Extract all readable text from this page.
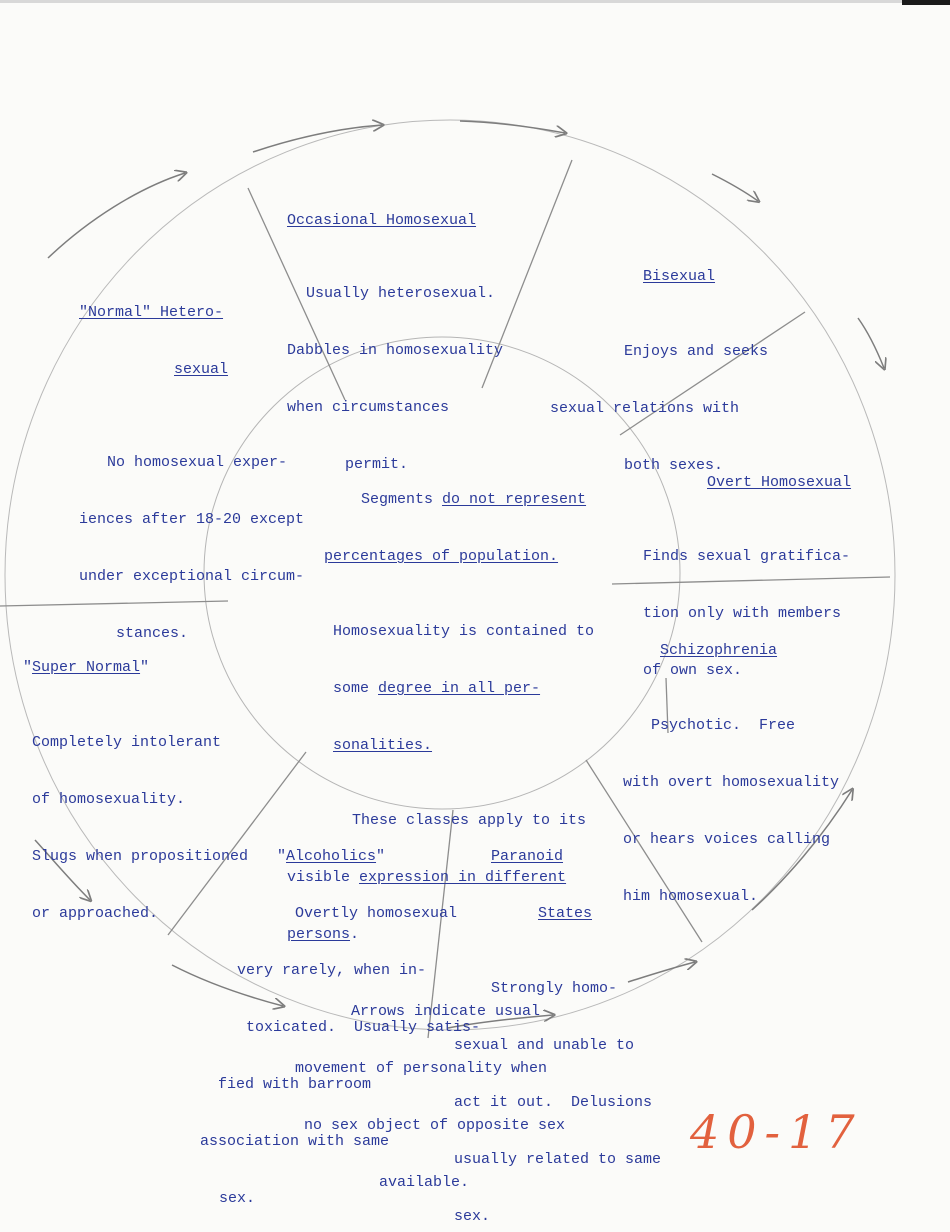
Occasional Homosexual

Usually heterosexual.

Dabbles in homosexuality

when circumstances

permit.

Bisexual

Enjoys and seeks

sexual relations with

both sexes.

"Normal" Hetero-

sexual

No homosexual exper-

iences after 18-20 except

under exceptional circum-

stances.

Overt Homosexual

Finds sexual gratifica-

tion only with members

of own sex.

"Super Normal"

Completely intolerant

of homosexuality.

Slugs when propositioned

or approached.

Schizophrenia

Psychotic.  Free

with overt homosexuality

or hears voices calling

him homosexual.

"Alcoholics"

Overtly homosexual

very rarely, when in-

toxicated.  Usually satis-

fied with barroom

association with same

sex.

Paranoid

States

Strongly homo-

sexual and unable to

act it out.  Delusions

usually related to same

sex.

Segments do not represent

percentages of population.

Homosexuality is contained to

some degree in all per-

sonalities.

These classes apply to its

visible expression in different

persons.

Arrows indicate usual

movement of personality when

no sex object of opposite sex

available.

40-17
